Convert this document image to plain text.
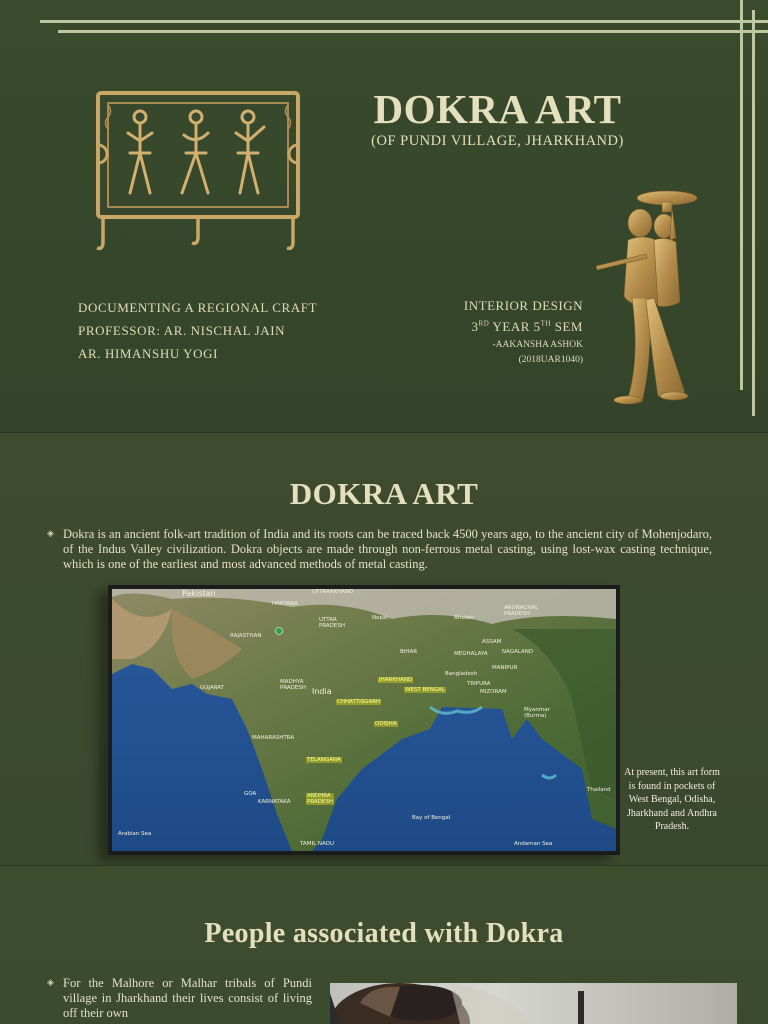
DOKRA ART
(OF PUNDI VILLAGE, JHARKHAND)
DOCUMENTING A REGIONAL CRAFT
PROFESSOR: AR. NISCHAL JAIN
AR. HIMANSHU YOGI
INTERIOR DESIGN
3RD YEAR 5TH SEM
-AAKANSHA ASHOK
(2018UAR1040)
DOKRA ART
◈ Dokra is an ancient folk-art tradition of India and its roots can be traced back 4500 years ago, to the ancient city of Mohenjodaro, of the Indus Valley civilization. Dokra objects are made through non-ferrous metal casting, using lost-wax casting technique, which is one of the earliest and most advanced methods of metal casting.

Pakistan
HARYANA
UTTARAKHAND
UTTAR
PRADESH
Nepal	Bhutan
ARUNACHAL
PRADESH
ASSAM
NAGALAND
MEGHALAYA
MANIPUR
BIHAR
RAJASTHAN
Bangladesh
TRIPURA
MIZORAM
GUJARAT
MADHYA
PRADESH India
JHARKHAND
WEST BENGAL
CHHATTISGARH
ODISHA
MAHARASHTRA
Myanmar
(Burma)
TELANGANA
ANDHRA
PRADESH
GOA
KARNATAKA
TAMIL NADU
Thailand
Arabian Sea
Bay of Bengal
Andaman Sea
At present, this art form is found in pockets of West Bengal, Odisha, Jharkhand and Andhra Pradesh.
People associated with Dokra
◈ For the Malhore or Malhar tribals of Pundi village in Jharkhand their lives consist of living off their own
